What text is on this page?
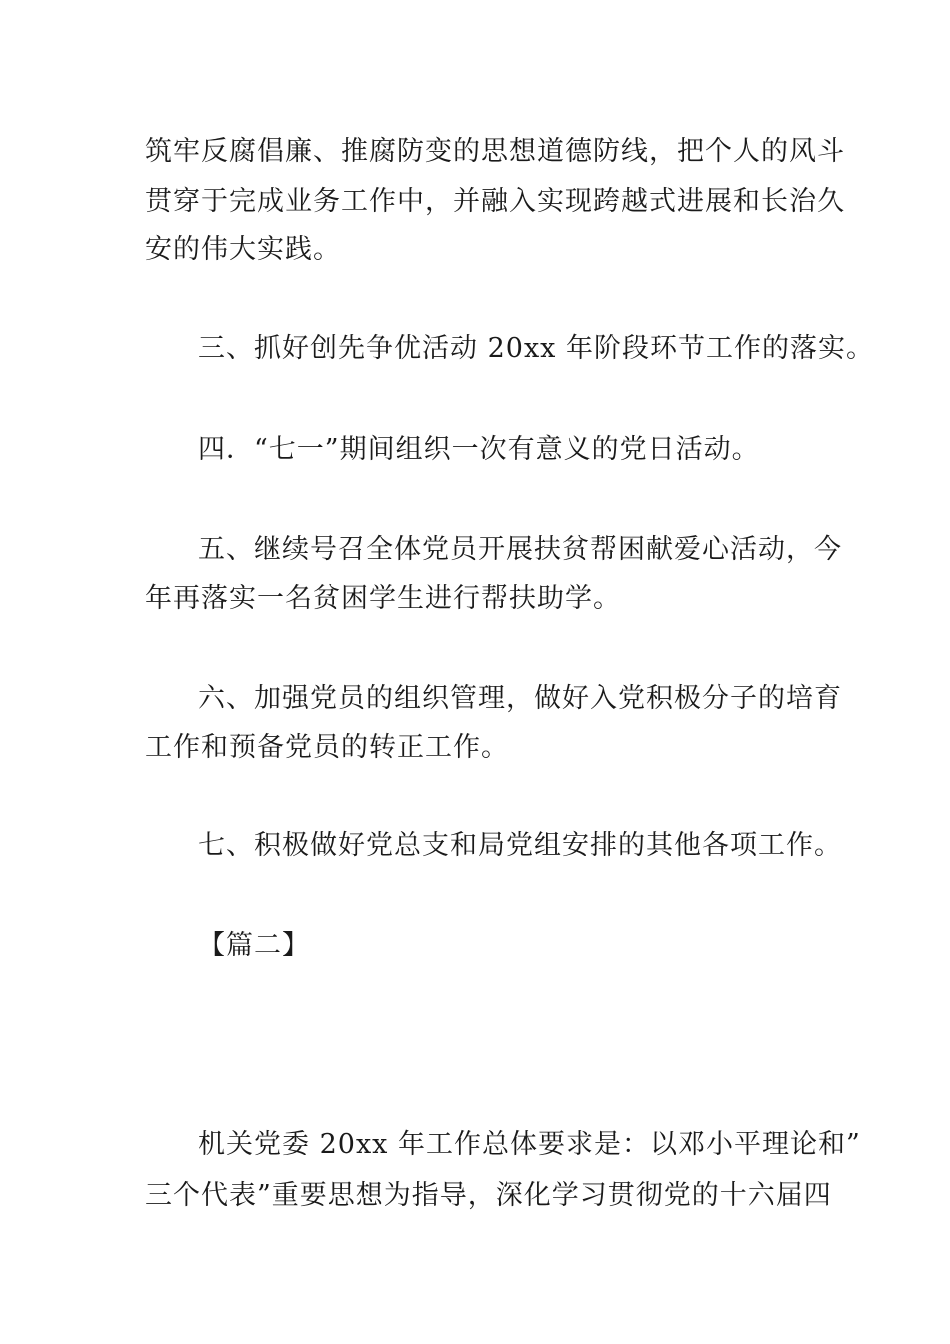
筑牢反腐倡廉、推腐防变的思想道德防线，把个人的风斗
贯穿于完成业务工作中，并融入实现跨越式进展和长治久
安的伟大实践。
三、抓好创先争优活动 20xx 年阶段环节工作的落实。
四．“七一”期间组织一次有意义的党日活动。
五、继续号召全体党员开展扶贫帮困献爱心活动，今
年再落实一名贫困学生进行帮扶助学。
六、加强党员的组织管理，做好入党积极分子的培育
工作和预备党员的转正工作。
七、积极做好党总支和局党组安排的其他各项工作。
【篇二】
机关党委 20xx 年工作总体要求是：以邓小平理论和”
三个代表”重要思想为指导，深化学习贯彻党的十六届四
